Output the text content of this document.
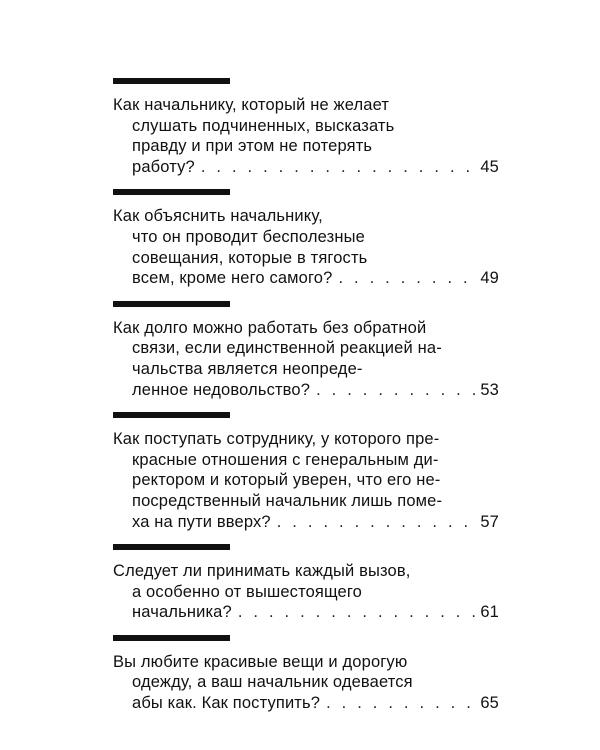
Как начальнику, который не желает
слушать подчиненных, высказать
правду и при этом не потерять
работу? . . .	45
Как объяснить начальнику,
что он проводит бесполезные
совещания, которые в тягость
всем, кроме него самого? . . .	49
Как долго можно работать без обратной
связи, если единственной реакцией на-
чальства является неопреде-
ленное недовольство? . . .	53
Как поступать сотруднику, у которого пре-
красные отношения с генеральным ди-
ректором и который уверен, что его не-
посредственный начальник лишь поме-
ха на пути вверх? . . .	57
Следует ли принимать каждый вызов,
а особенно от вышестоящего
начальника? . . .	61
Вы любите красивые вещи и дорогую
одежду, а ваш начальник одевается
абы как. Как поступить? . . .	65
